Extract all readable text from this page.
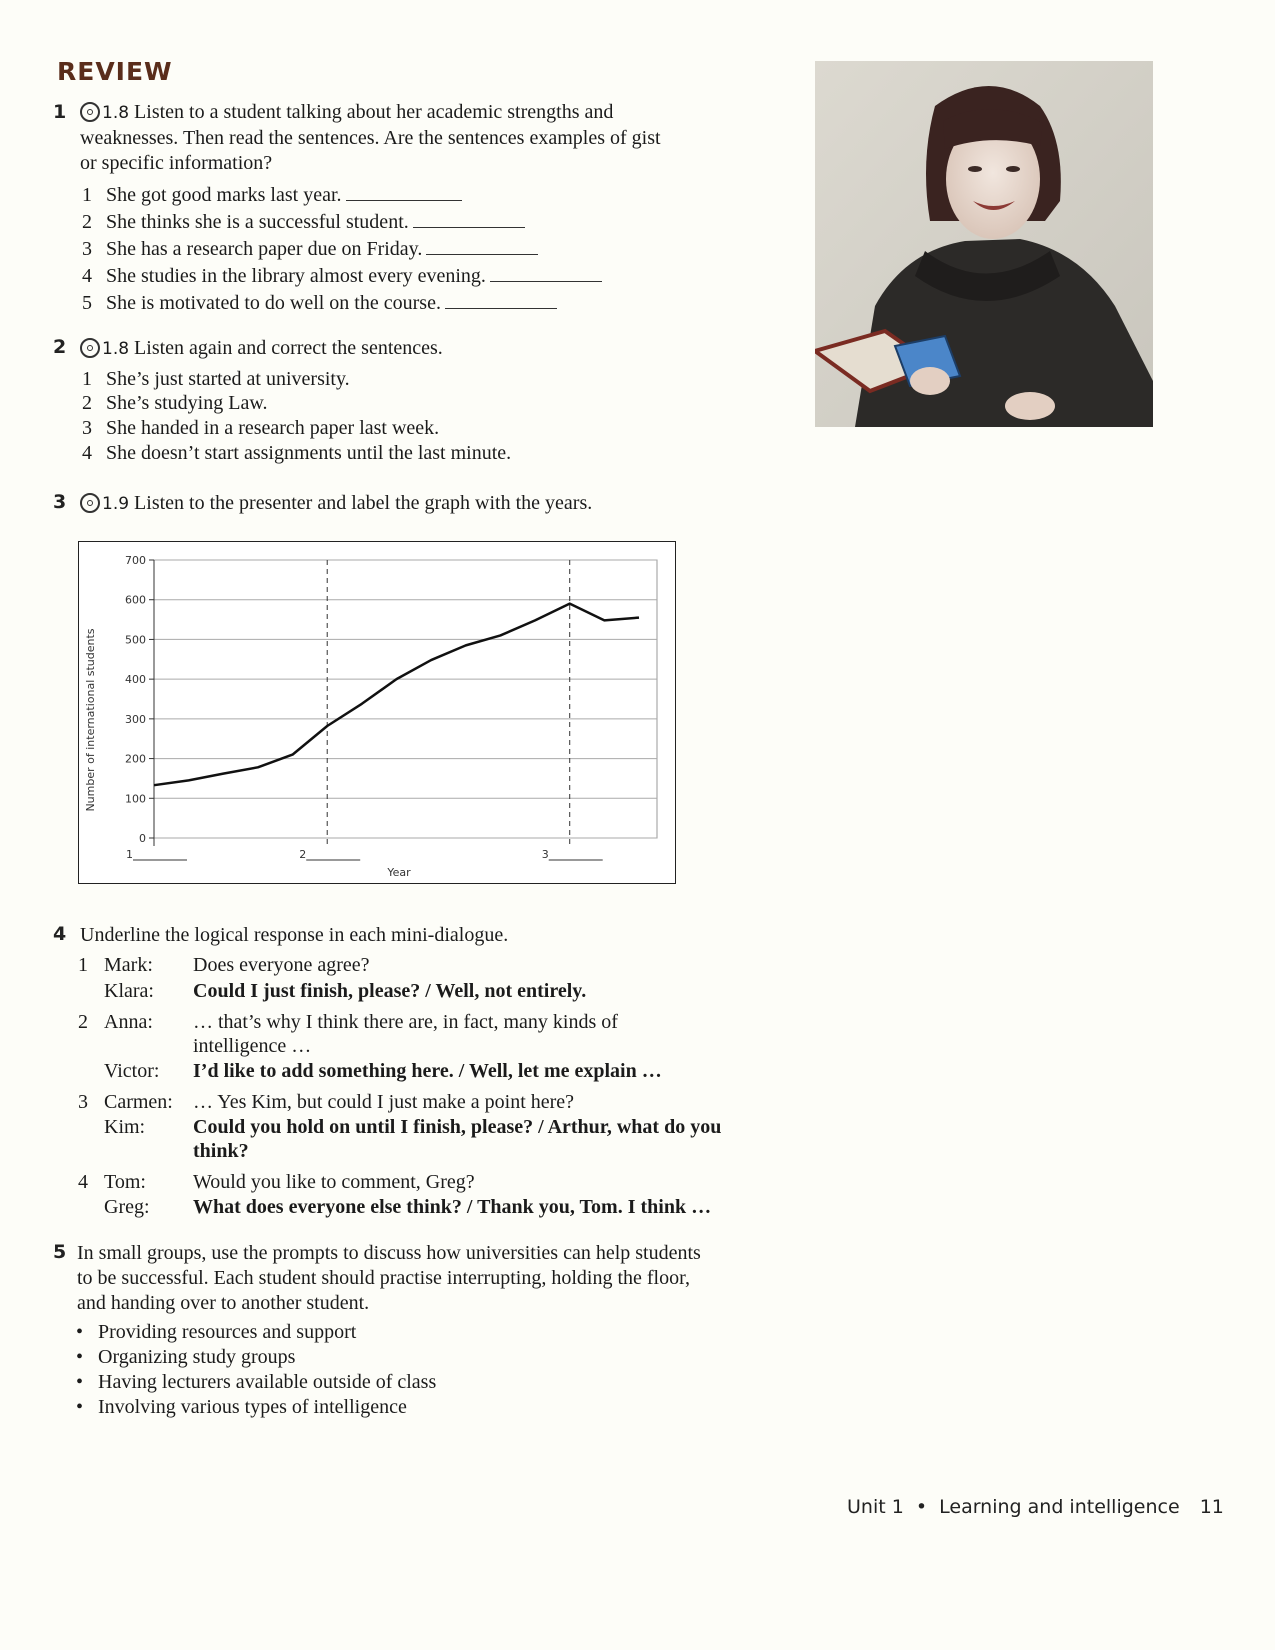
REVIEW
1	1.8 Listen to a student talking about her academic strengths and
weaknesses. Then read the sentences. Are the sentences examples of gist
or specific information?
1 She got good marks last year.
2 She thinks she is a successful student.
3 She has a research paper due on Friday.
4 She studies in the library almost every evening.
5 She is motivated to do well on the course.
2	1.8 Listen again and correct the sentences.
1 She’s just started at university.
2 She’s studying Law.
3 She handed in a research paper last week.
4 She doesn’t start assignments until the last minute.
3	1.9 Listen to the presenter and label the graph with the years.
Number of international students
Year
0
100
200
300
400
500
600
700
1	2	3
4 Underline the logical response in each mini-dialogue.
1 Mark: Does everyone agree?
Klara: Could I just finish, please? / Well, not entirely.
2 Anna: … that’s why I think there are, in fact, many kinds of
intelligence …
Victor: I’d like to add something here. / Well, let me explain …
3 Carmen: … Yes Kim, but could I just make a point here?
Kim: Could you hold on until I finish, please? / Arthur, what do you
think?
4 Tom: Would you like to comment, Greg?
Greg: What does everyone else think? / Thank you, Tom. I think …
5 In small groups, use the prompts to discuss how universities can help students
to be successful. Each student should practise interrupting, holding the floor,
and handing over to another student.
•   Providing resources and support
•   Organizing study groups
•   Having lecturers available outside of class
•   Involving various types of intelligence
Unit 1 • Learning and intelligence 11
